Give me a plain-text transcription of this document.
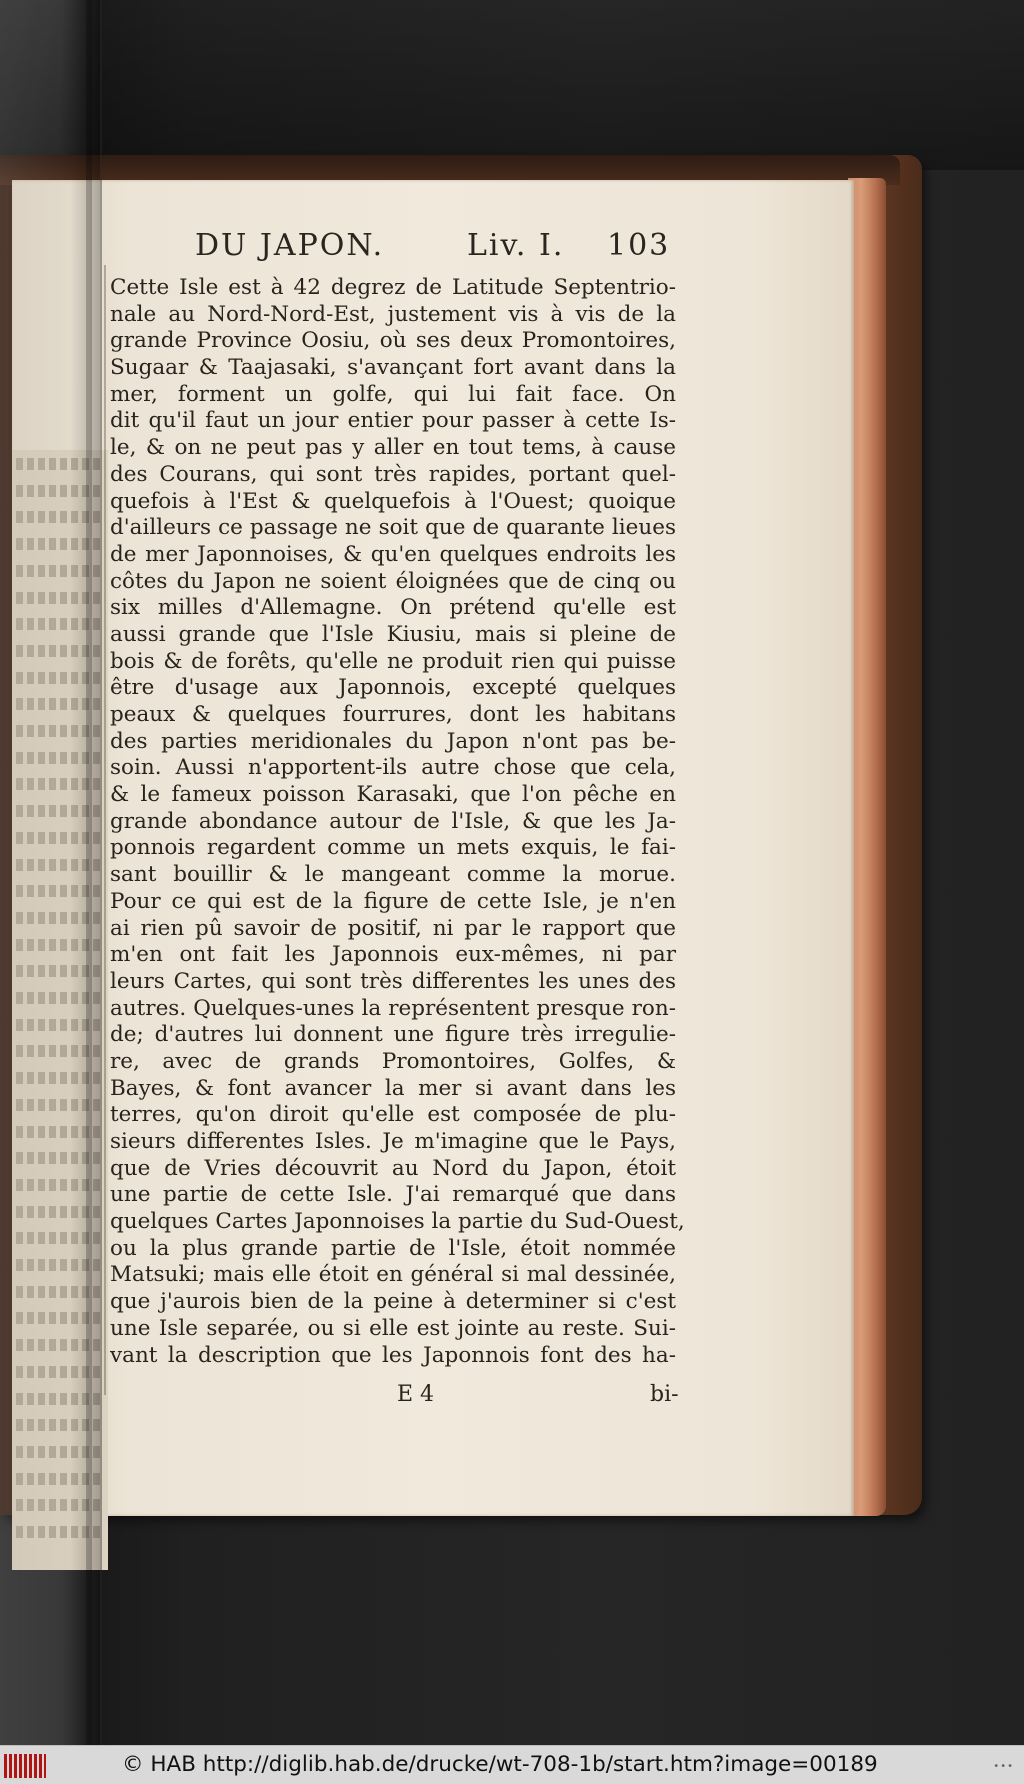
DU JAPON.	Liv. I. 103
Cette Isle est à 42 degrez de Latitude Septentrio-
nale au Nord-Nord-Est, justement vis à vis de la
grande Province Oosiu, où ses deux Promontoires,
Sugaar & Taajasaki, s'avançant fort avant dans la
mer, forment un golfe, qui lui fait face. On
dit qu'il faut un jour entier pour passer à cette Is-
le, & on ne peut pas y aller en tout tems, à cause
des Courans, qui sont très rapides, portant quel-
quefois à l'Est & quelquefois à l'Ouest; quoique
d'ailleurs ce passage ne soit que de quarante lieues
de mer Japonnoises, & qu'en quelques endroits les
côtes du Japon ne soient éloignées que de cinq ou
six milles d'Allemagne. On prétend qu'elle est
aussi grande que l'Isle Kiusiu, mais si pleine de
bois & de forêts, qu'elle ne produit rien qui puisse
être d'usage aux Japonnois, excepté quelques
peaux & quelques fourrures, dont les habitans
des parties meridionales du Japon n'ont pas be-
soin. Aussi n'apportent-ils autre chose que cela,
& le fameux poisson Karasaki, que l'on pêche en
grande abondance autour de l'Isle, & que les Ja-
ponnois regardent comme un mets exquis, le fai-
sant bouillir & le mangeant comme la morue.
Pour ce qui est de la figure de cette Isle, je n'en
ai rien pû savoir de positif, ni par le rapport que
m'en ont fait les Japonnois eux-mêmes, ni par
leurs Cartes, qui sont très differentes les unes des
autres. Quelques-unes la représentent presque ron-
de; d'autres lui donnent une figure très irregulie-
re, avec de grands Promontoires, Golfes, &
Bayes, & font avancer la mer si avant dans les
terres, qu'on diroit qu'elle est composée de plu-
sieurs differentes Isles. Je m'imagine que le Pays,
que de Vries découvrit au Nord du Japon, étoit
une partie de cette Isle. J'ai remarqué que dans
quelques Cartes Japonnoises la partie du Sud-Ouest,
ou la plus grande partie de l'Isle, étoit nommée
Matsuki; mais elle étoit en général si mal dessinée,
que j'aurois bien de la peine à determiner si c'est
une Isle separée, ou si elle est jointe au reste. Sui-
vant la description que les Japonnois font des ha-
E 4	bi-
© HAB http://diglib.hab.de/drucke/wt-708-1b/start.htm?image=00189	•••
